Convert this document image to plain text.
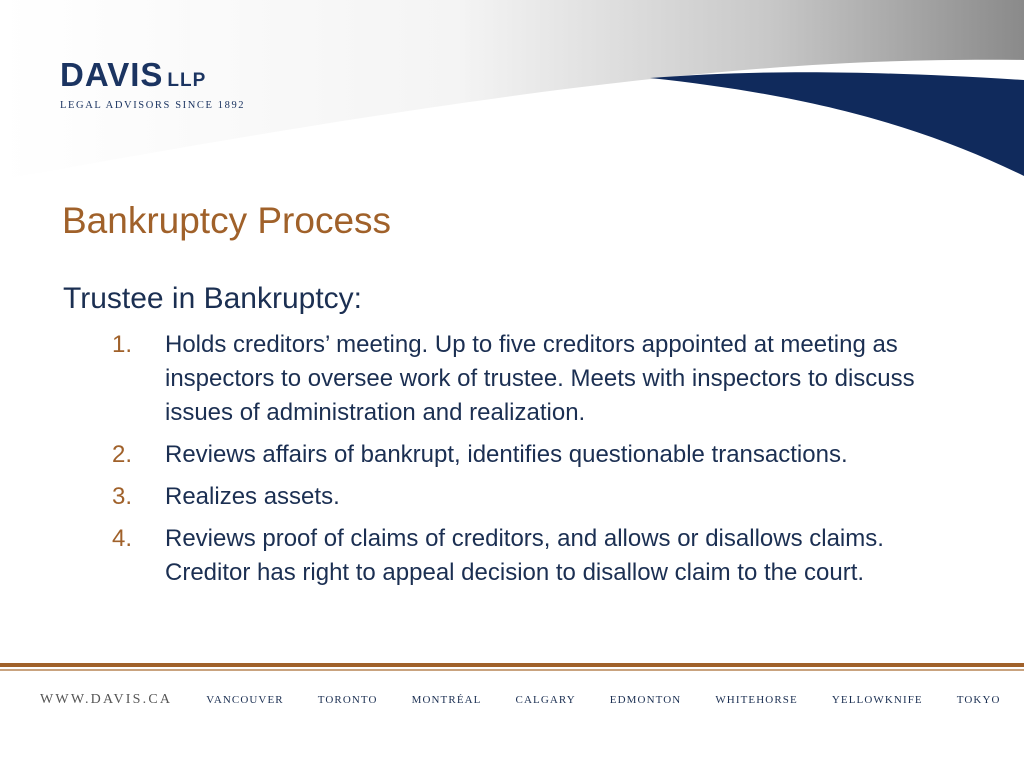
DAVIS LLP
LEGAL ADVISORS SINCE 1892
Bankruptcy Process
Trustee in Bankruptcy:
1.	Holds creditors’ meeting. Up to five creditors appointed at meeting as inspectors to oversee work of trustee. Meets with inspectors to discuss issues of administration and realization.
2.	Reviews affairs of bankrupt, identifies questionable transactions.
3.	Realizes assets.
4.	Reviews proof of claims of creditors, and allows or disallows claims. Creditor has right to appeal decision to disallow claim to the court.
WWW.DAVIS.CA	VANCOUVER	TORONTO	MONTRÉAL	CALGARY	EDMONTON	WHITEHORSE	YELLOWKNIFE	TOKYO
